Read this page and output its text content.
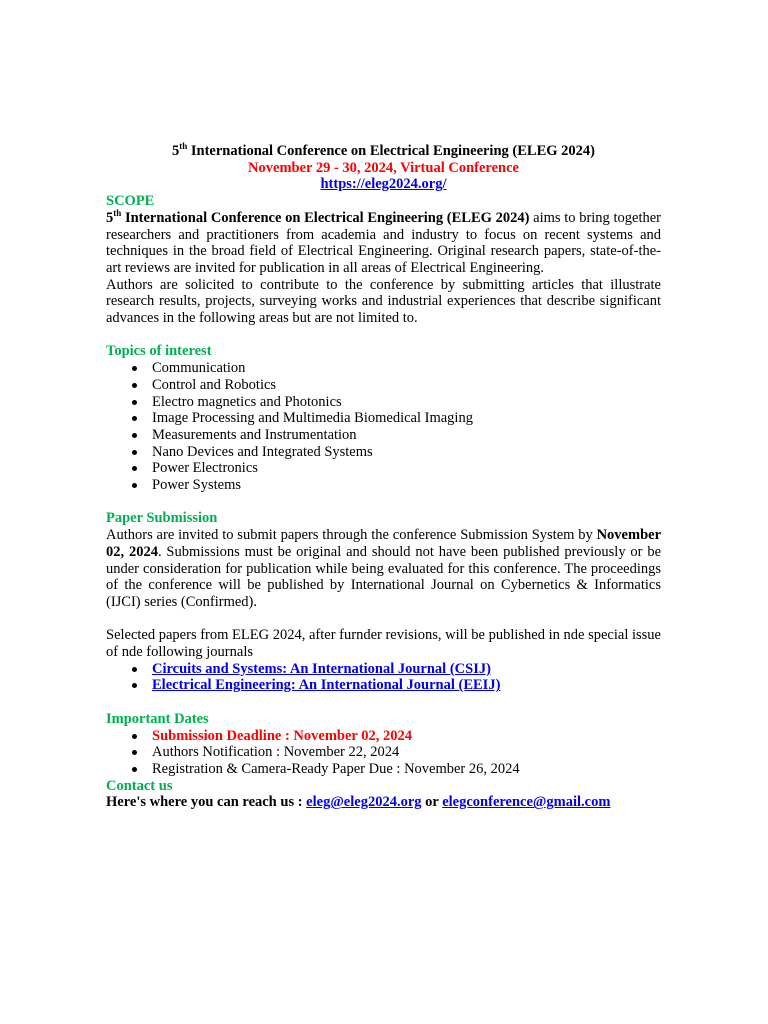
5th International Conference on Electrical Engineering (ELEG 2024)
November 29 - 30, 2024, Virtual Conference
https://eleg2024.org/
SCOPE
5th International Conference on Electrical Engineering (ELEG 2024) aims to bring together researchers and practitioners from academia and industry to focus on recent systems and techniques in the broad field of Electrical Engineering. Original research papers, state-of-the-art reviews are invited for publication in all areas of Electrical Engineering.
Authors are solicited to contribute to the conference by submitting articles that illustrate research results, projects, surveying works and industrial experiences that describe significant advances in the following areas but are not limited to.
Topics of interest
Communication
Control and Robotics
Electro magnetics and Photonics
Image Processing and Multimedia Biomedical Imaging
Measurements and Instrumentation
Nano Devices and Integrated Systems
Power Electronics
Power Systems
Paper Submission
Authors are invited to submit papers through the conference Submission System by November 02, 2024. Submissions must be original and should not have been published previously or be under consideration for publication while being evaluated for this conference. The proceedings of the conference will be published by International Journal on Cybernetics & Informatics (IJCI) series (Confirmed).
Selected papers from ELEG 2024, after furnder revisions, will be published in nde special issue of nde following journals
Circuits and Systems: An International Journal (CSIJ)
Electrical Engineering: An International Journal (EEIJ)
Important Dates
Submission Deadline : November 02, 2024
Authors Notification : November 22, 2024
Registration & Camera-Ready Paper Due : November 26, 2024
Contact us
Here's where you can reach us : eleg@eleg2024.org or elegconference@gmail.com
